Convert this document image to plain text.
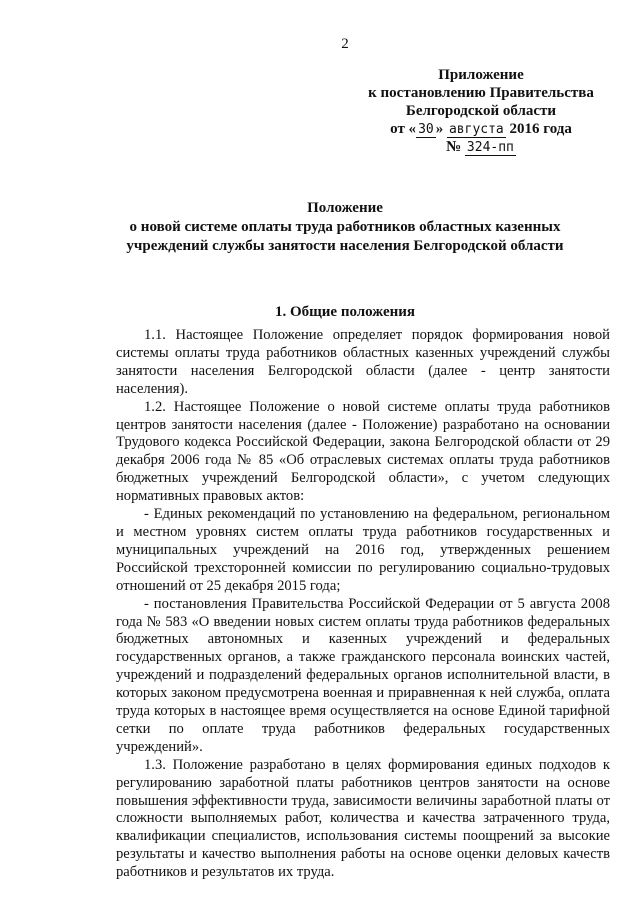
2
Приложение
к постановлению Правительства
Белгородской области
от « 30 » августа 2016 года
№ 324-пп
Положение
о новой системе оплаты труда работников областных казенных
учреждений службы занятости населения Белгородской области
1. Общие положения

1.1. Настоящее Положение определяет порядок формирования новой системы оплаты труда работников областных казенных учреждений службы занятости населения Белгородской области (далее - центр занятости населения).

1.2. Настоящее Положение о новой системе оплаты труда работников центров занятости населения (далее - Положение) разработано на основании Трудового кодекса Российской Федерации, закона Белгородской области от 29 декабря 2006 года № 85 «Об отраслевых системах оплаты труда работников бюджетных учреждений Белгородской области», с учетом следующих нормативных правовых актов:

- Единых рекомендаций по установлению на федеральном, региональном и местном уровнях систем оплаты труда работников государственных и муниципальных учреждений на 2016 год, утвержденных решением Российской трехсторонней комиссии по регулированию социально-трудовых отношений от 25 декабря 2015 года;

- постановления Правительства Российской Федерации от 5 августа 2008 года № 583 «О введении новых систем оплаты труда работников федеральных бюджетных автономных и казенных учреждений и федеральных государственных органов, а также гражданского персонала воинских частей, учреждений и подразделений федеральных органов исполнительной власти, в которых законом предусмотрена военная и приравненная к ней служба, оплата труда которых в настоящее время осуществляется на основе Единой тарифной сетки по оплате труда работников федеральных государственных учреждений».

1.3. Положение разработано в целях формирования единых подходов к регулированию заработной платы работников центров занятости на основе повышения эффективности труда, зависимости величины заработной платы от сложности выполняемых работ, количества и качества затраченного труда, квалификации специалистов, использования системы поощрений за высокие результаты и качество выполнения работы на основе оценки деловых качеств работников и результатов их труда.
